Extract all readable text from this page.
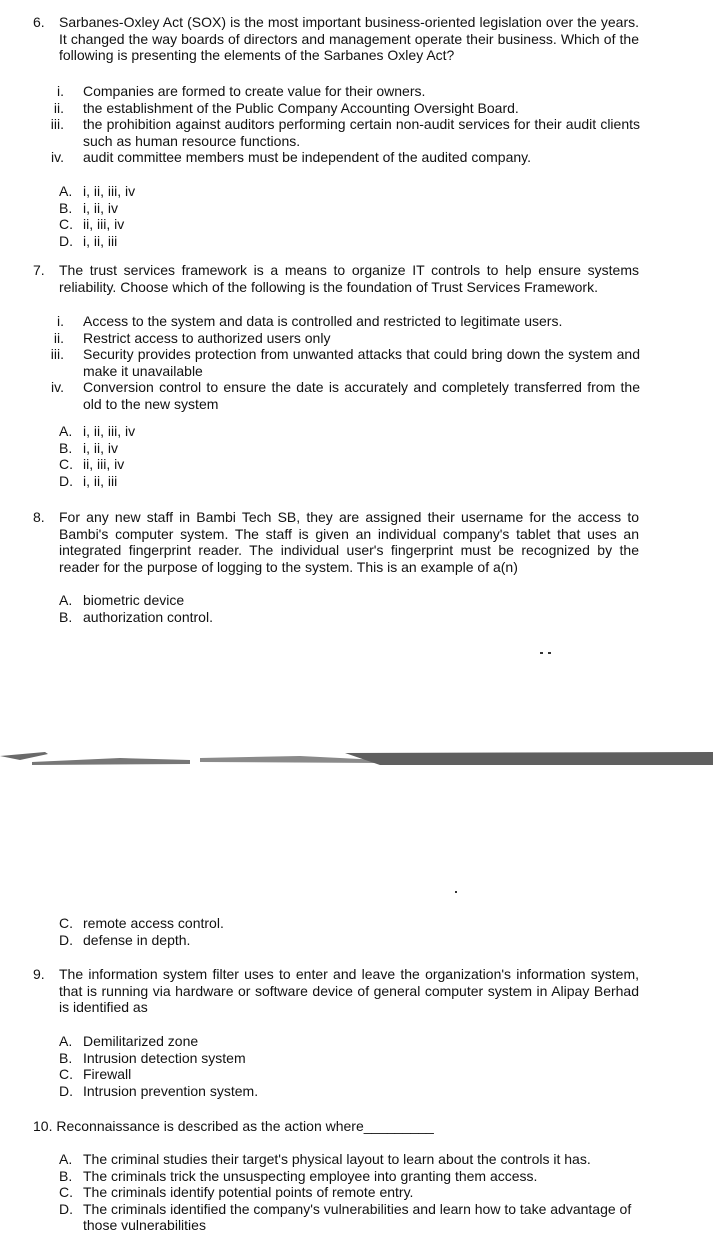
6. Sarbanes-Oxley Act (SOX) is the most important business-oriented legislation over the years. It changed the way boards of directors and management operate their business. Which of the following is presenting the elements of the Sarbanes Oxley Act?
i. Companies are formed to create value for their owners.
ii. the establishment of the Public Company Accounting Oversight Board.
iii. the prohibition against auditors performing certain non-audit services for their audit clients such as human resource functions.
iv. audit committee members must be independent of the audited company.
A. i, ii, iii, iv
B. i, ii, iv
C. ii, iii, iv
D. i, ii, iii
7. The trust services framework is a means to organize IT controls to help ensure systems reliability. Choose which of the following is the foundation of Trust Services Framework.
i. Access to the system and data is controlled and restricted to legitimate users.
ii. Restrict access to authorized users only
iii. Security provides protection from unwanted attacks that could bring down the system and make it unavailable
iv. Conversion control to ensure the date is accurately and completely transferred from the old to the new system
A. i, ii, iii, iv
B. i, ii, iv
C. ii, iii, iv
D. i, ii, iii
8. For any new staff in Bambi Tech SB, they are assigned their username for the access to Bambi's computer system. The staff is given an individual company's tablet that uses an integrated fingerprint reader. The individual user's fingerprint must be recognized by the reader for the purpose of logging to the system. This is an example of a(n)
A. biometric device
B. authorization control.
C. remote access control.
D. defense in depth.
9. The information system filter uses to enter and leave the organization's information system, that is running via hardware or software device of general computer system in Alipay Berhad is identified as
A. Demilitarized zone
B. Intrusion detection system
C. Firewall
D. Intrusion prevention system.
10. Reconnaissance is described as the action where_________
A. The criminal studies their target's physical layout to learn about the controls it has.
B. The criminals trick the unsuspecting employee into granting them access.
C. The criminals identify potential points of remote entry.
D. The criminals identified the company's vulnerabilities and learn how to take advantage of those vulnerabilities
